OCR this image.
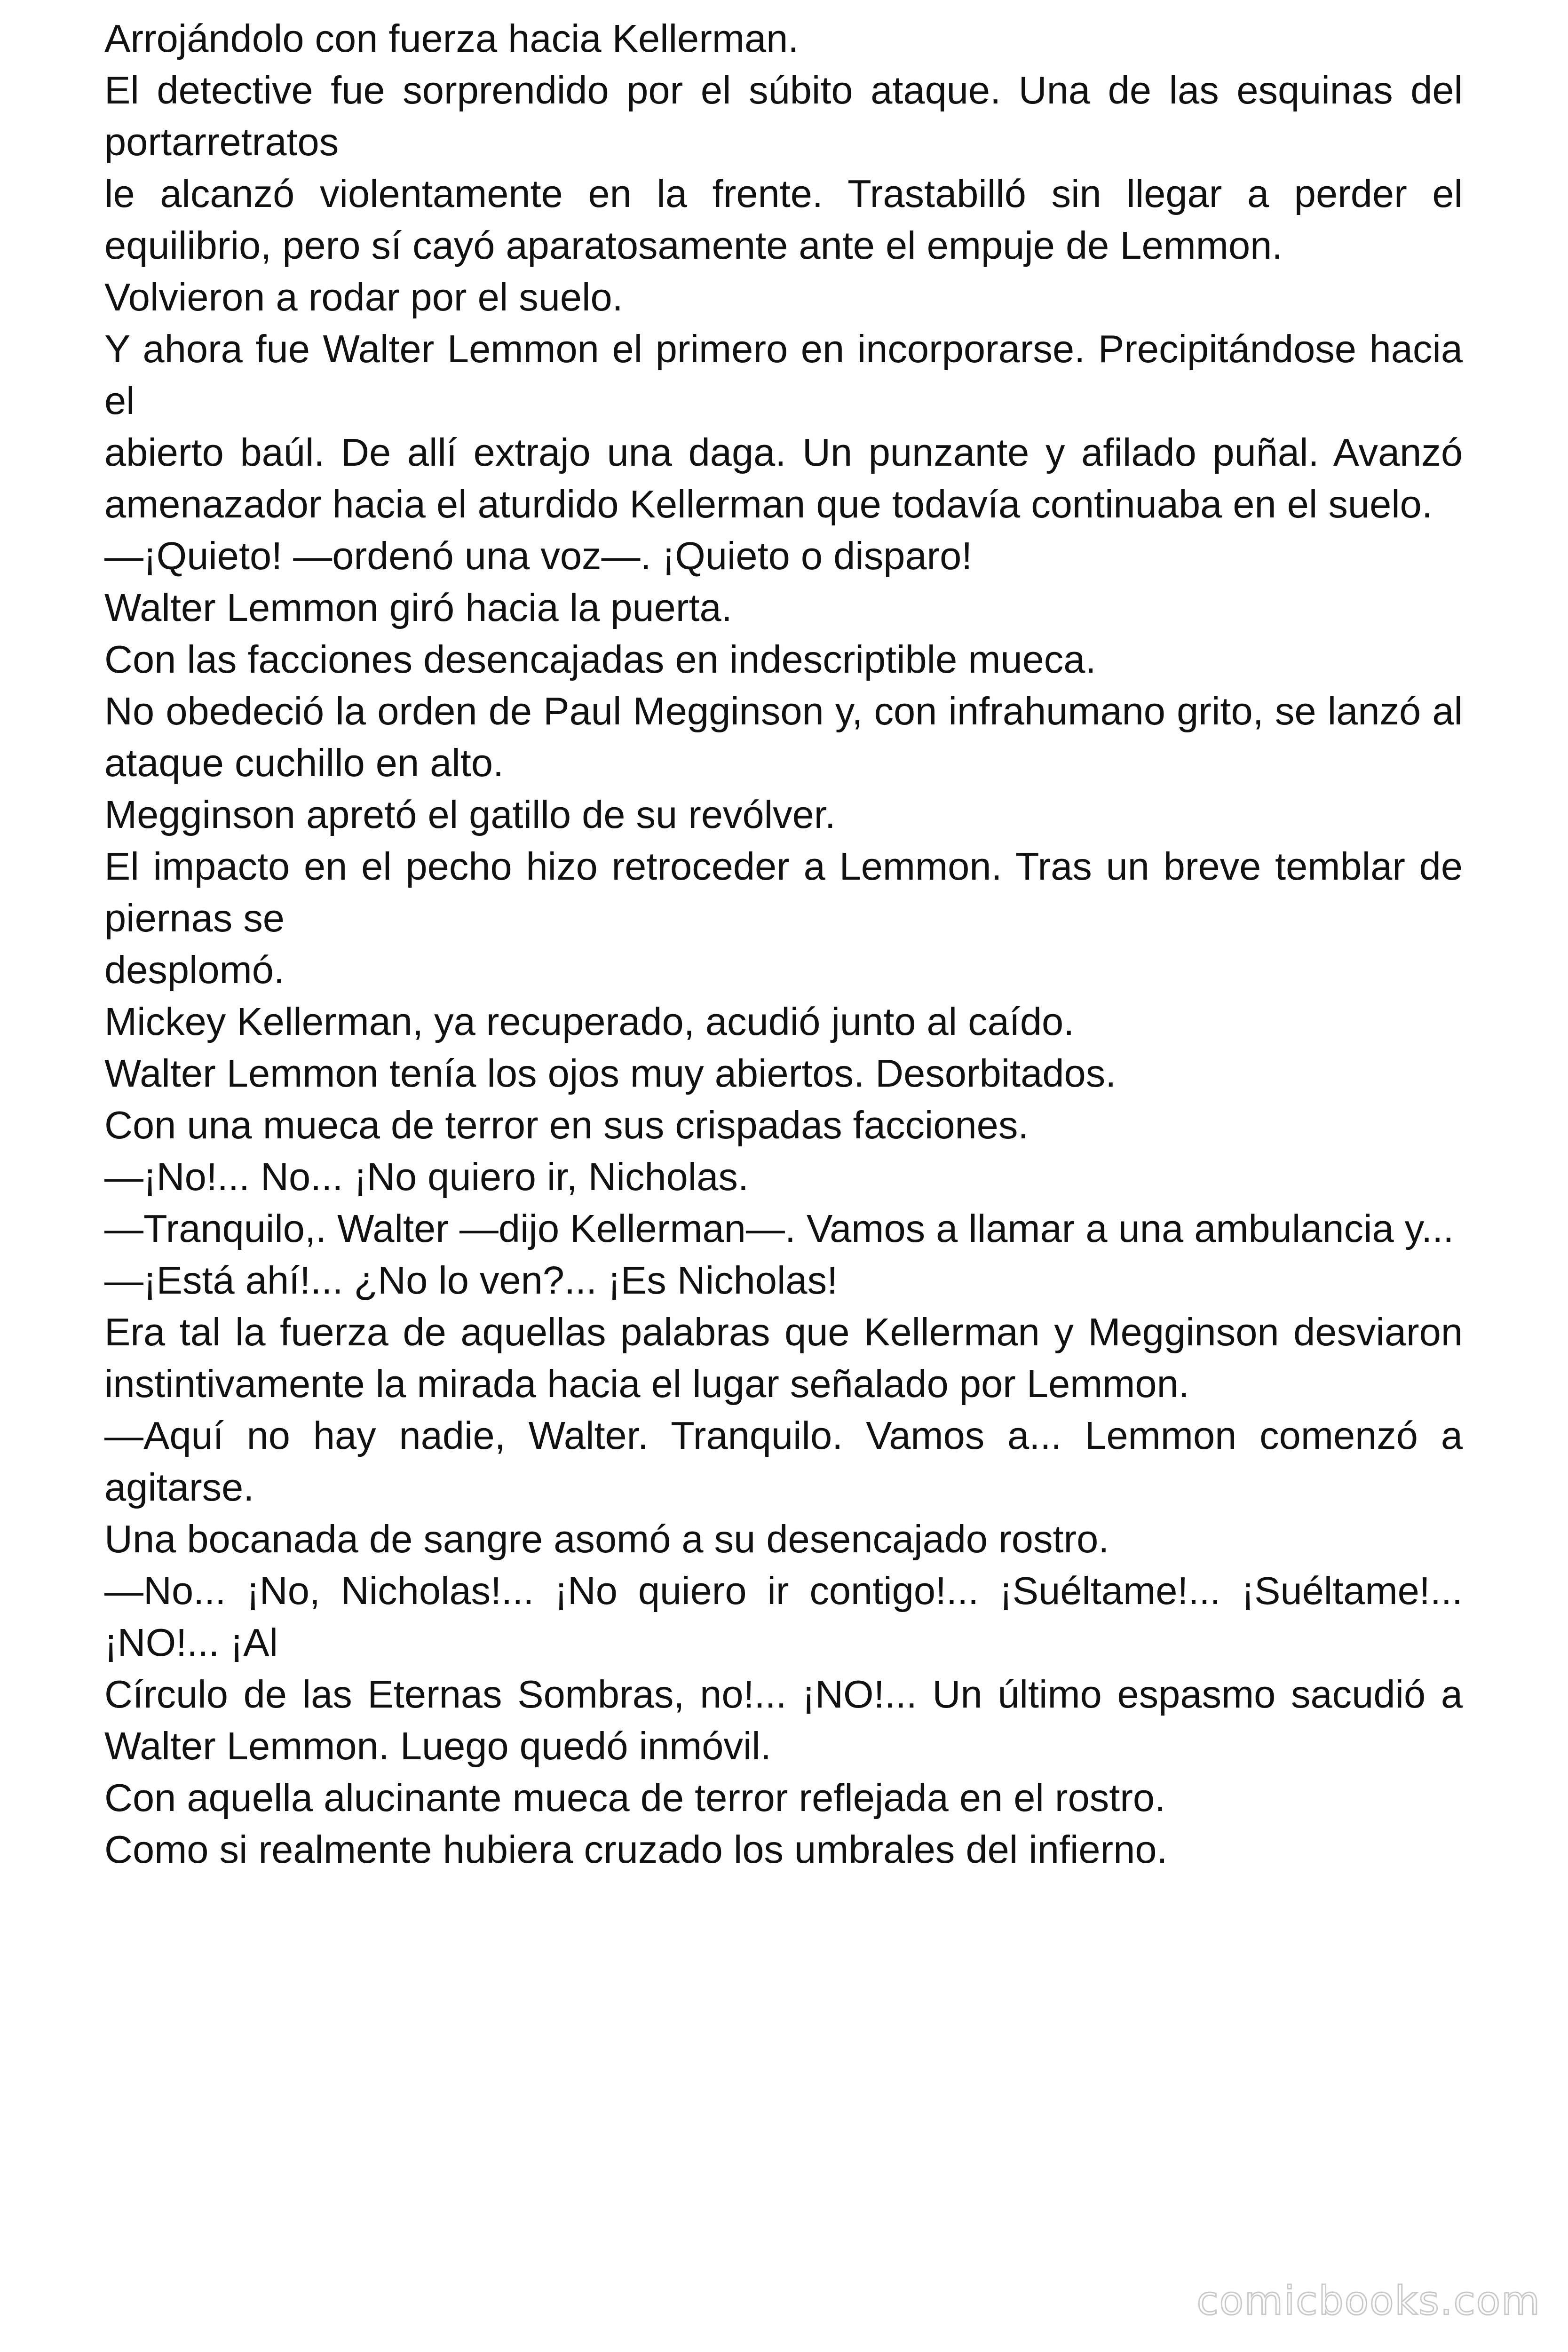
Arrojándolo con fuerza hacia Kellerman.

El detective fue sorprendido por el súbito ataque. Una de las esquinas del portarretratos

le alcanzó violentamente en la frente. Trastabilló sin llegar a perder el equilibrio, pero sí cayó aparatosamente ante el empuje de Lemmon.

Volvieron a rodar por el suelo.

Y ahora fue Walter Lemmon el primero en incorporarse. Precipitándose hacia el

abierto baúl. De allí extrajo una daga. Un punzante y afilado puñal. Avanzó amenazador hacia el aturdido Kellerman que todavía continuaba en el suelo.

—¡Quieto! —ordenó una voz—. ¡Quieto o disparo!

Walter Lemmon giró hacia la puerta.

Con las facciones desencajadas en indescriptible mueca.

No obedeció la orden de Paul Megginson y, con infrahumano grito, se lanzó al ataque cuchillo en alto.

Megginson apretó el gatillo de su revólver.

El impacto en el pecho hizo retroceder a Lemmon. Tras un breve temblar de piernas se

desplomó.

Mickey Kellerman, ya recuperado, acudió junto al caído.

Walter Lemmon tenía los ojos muy abiertos. Desorbitados.

Con una mueca de terror en sus crispadas facciones.

—¡No!... No... ¡No quiero ir, Nicholas.

—Tranquilo,. Walter —dijo Kellerman—. Vamos a llamar a una ambulancia y...

—¡Está ahí!... ¿No lo ven?... ¡Es Nicholas!

Era tal la fuerza de aquellas palabras que Kellerman y Megginson desviaron instintivamente la mirada hacia el lugar señalado por Lemmon.

—Aquí no hay nadie, Walter. Tranquilo. Vamos a... Lemmon comenzó a agitarse.

Una bocanada de sangre asomó a su desencajado rostro.

—No... ¡No, Nicholas!... ¡No quiero ir contigo!... ¡Suéltame!... ¡Suéltame!... ¡NO!... ¡Al

Círculo de las Eternas Sombras, no!... ¡NO!... Un último espasmo sacudió a Walter Lemmon. Luego quedó inmóvil.

Con aquella alucinante mueca de terror reflejada en el rostro.

Como si realmente hubiera cruzado los umbrales del infierno.

comicbooks.com
